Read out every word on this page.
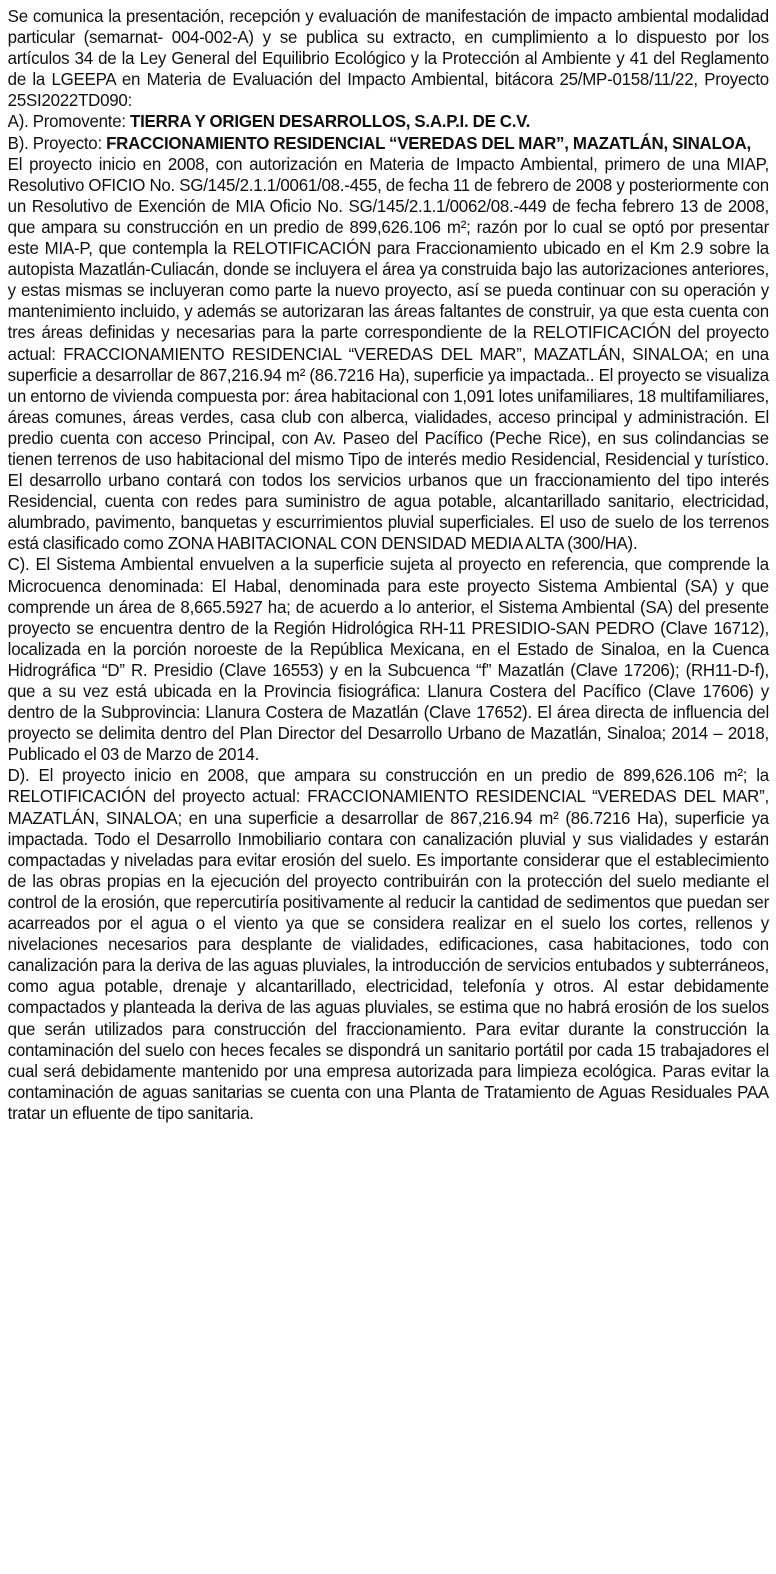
Se comunica la presentación, recepción y evaluación de manifestación de impacto ambiental modalidad particular (semarnat- 004-002-A) y se publica su extracto, en cumplimiento a lo dispuesto por los artículos 34 de la Ley General del Equilibrio Ecológico y la Protección al Ambiente y 41 del Reglamento de la LGEEPA en Materia de Evaluación del Impacto Ambiental, bitácora 25/MP-0158/11/22, Proyecto 25SI2022TD090:

A). Promovente: TIERRA Y ORIGEN DESARROLLOS, S.A.P.I. DE C.V.

B). Proyecto: FRACCIONAMIENTO RESIDENCIAL “VEREDAS DEL MAR”, MAZATLÁN, SINALOA,

El proyecto inicio en 2008, con autorización en Materia de Impacto Ambiental, primero de una MIAP, Resolutivo OFICIO No. SG/145/2.1.1/0061/08.-455, de fecha 11 de febrero de 2008 y posteriormente con un Resolutivo de Exención de MIA Oficio No. SG/145/2.1.1/0062/08.-449 de fecha febrero 13 de 2008, que ampara su construcción en un predio de 899,626.106 m²; razón por lo cual se optó por presentar este MIA-P, que contempla la RELOTIFICACIÓN para Fraccionamiento ubicado en el Km 2.9 sobre la autopista Mazatlán-Culiacán, donde se incluyera el área ya construida bajo las autorizaciones anteriores, y estas mismas se incluyeran como parte la nuevo proyecto, así se pueda continuar con su operación y mantenimiento incluido, y además se autorizaran las áreas faltantes de construir, ya que esta cuenta con tres áreas definidas y necesarias para la parte correspondiente de la RELOTIFICACIÓN del proyecto actual: FRACCIONAMIENTO RESIDENCIAL “VEREDAS DEL MAR”, MAZATLÁN, SINALOA; en una superficie a desarrollar de 867,216.94 m² (86.7216 Ha), superficie ya impactada.. El proyecto se visualiza un entorno de vivienda compuesta por: área habitacional con 1,091 lotes unifamiliares, 18 multifamiliares, áreas comunes, áreas verdes, casa club con alberca, vialidades, acceso principal y administración. El predio cuenta con acceso Principal, con Av. Paseo del Pacífico (Peche Rice), en sus colindancias se tienen terrenos de uso habitacional del mismo Tipo de interés medio Residencial, Residencial y turístico. El desarrollo urbano contará con todos los servicios urbanos que un fraccionamiento del tipo interés Residencial, cuenta con redes para suministro de agua potable, alcantarillado sanitario, electricidad, alumbrado, pavimento, banquetas y escurrimientos pluvial superficiales. El uso de suelo de los terrenos está clasificado como ZONA HABITACIONAL CON DENSIDAD MEDIA ALTA (300/HA).

C). El Sistema Ambiental envuelven a la superficie sujeta al proyecto en referencia, que comprende la Microcuenca denominada: El Habal, denominada para este proyecto Sistema Ambiental (SA) y que comprende un área de 8,665.5927 ha; de acuerdo a lo anterior, el Sistema Ambiental (SA) del presente proyecto se encuentra dentro de la Región Hidrológica RH-11 PRESIDIO-SAN PEDRO (Clave 16712), localizada en la porción noroeste de la República Mexicana, en el Estado de Sinaloa, en la Cuenca Hidrográfica “D” R. Presidio (Clave 16553) y en la Subcuenca “f” Mazatlán (Clave 17206); (RH11-D-f), que a su vez está ubicada en la Provincia fisiográfica: Llanura Costera del Pacífico (Clave 17606) y dentro de la Subprovincia: Llanura Costera de Mazatlán (Clave 17652). El área directa de influencia del proyecto se delimita dentro del Plan Director del Desarrollo Urbano de Mazatlán, Sinaloa; 2014 – 2018, Publicado el 03 de Marzo de 2014.

D). El proyecto inicio en 2008, que ampara su construcción en un predio de 899,626.106 m²; la RELOTIFICACIÓN del proyecto actual: FRACCIONAMIENTO RESIDENCIAL “VEREDAS DEL MAR”, MAZATLÁN, SINALOA; en una superficie a desarrollar de 867,216.94 m² (86.7216 Ha), superficie ya impactada. Todo el Desarrollo Inmobiliario contara con canalización pluvial y sus vialidades y estarán compactadas y niveladas para evitar erosión del suelo. Es importante considerar que el establecimiento de las obras propias en la ejecución del proyecto contribuirán con la protección del suelo mediante el control de la erosión, que repercutiría positivamente al reducir la cantidad de sedimentos que puedan ser acarreados por el agua o el viento ya que se considera realizar en el suelo los cortes, rellenos y nivelaciones necesarios para desplante de vialidades, edificaciones, casa habitaciones, todo con canalización para la deriva de las aguas pluviales, la introducción de servicios entubados y subterráneos, como agua potable, drenaje y alcantarillado, electricidad, telefonía y otros. Al estar debidamente compactados y planteada la deriva de las aguas pluviales, se estima que no habrá erosión de los suelos que serán utilizados para construcción del fraccionamiento. Para evitar durante la construcción la contaminación del suelo con heces fecales se dispondrá un sanitario portátil por cada 15 trabajadores el cual será debidamente mantenido por una empresa autorizada para limpieza ecológica. Paras evitar la contaminación de aguas sanitarias se cuenta con una Planta de Tratamiento de Aguas Residuales PAA tratar un efluente de tipo sanitaria.
